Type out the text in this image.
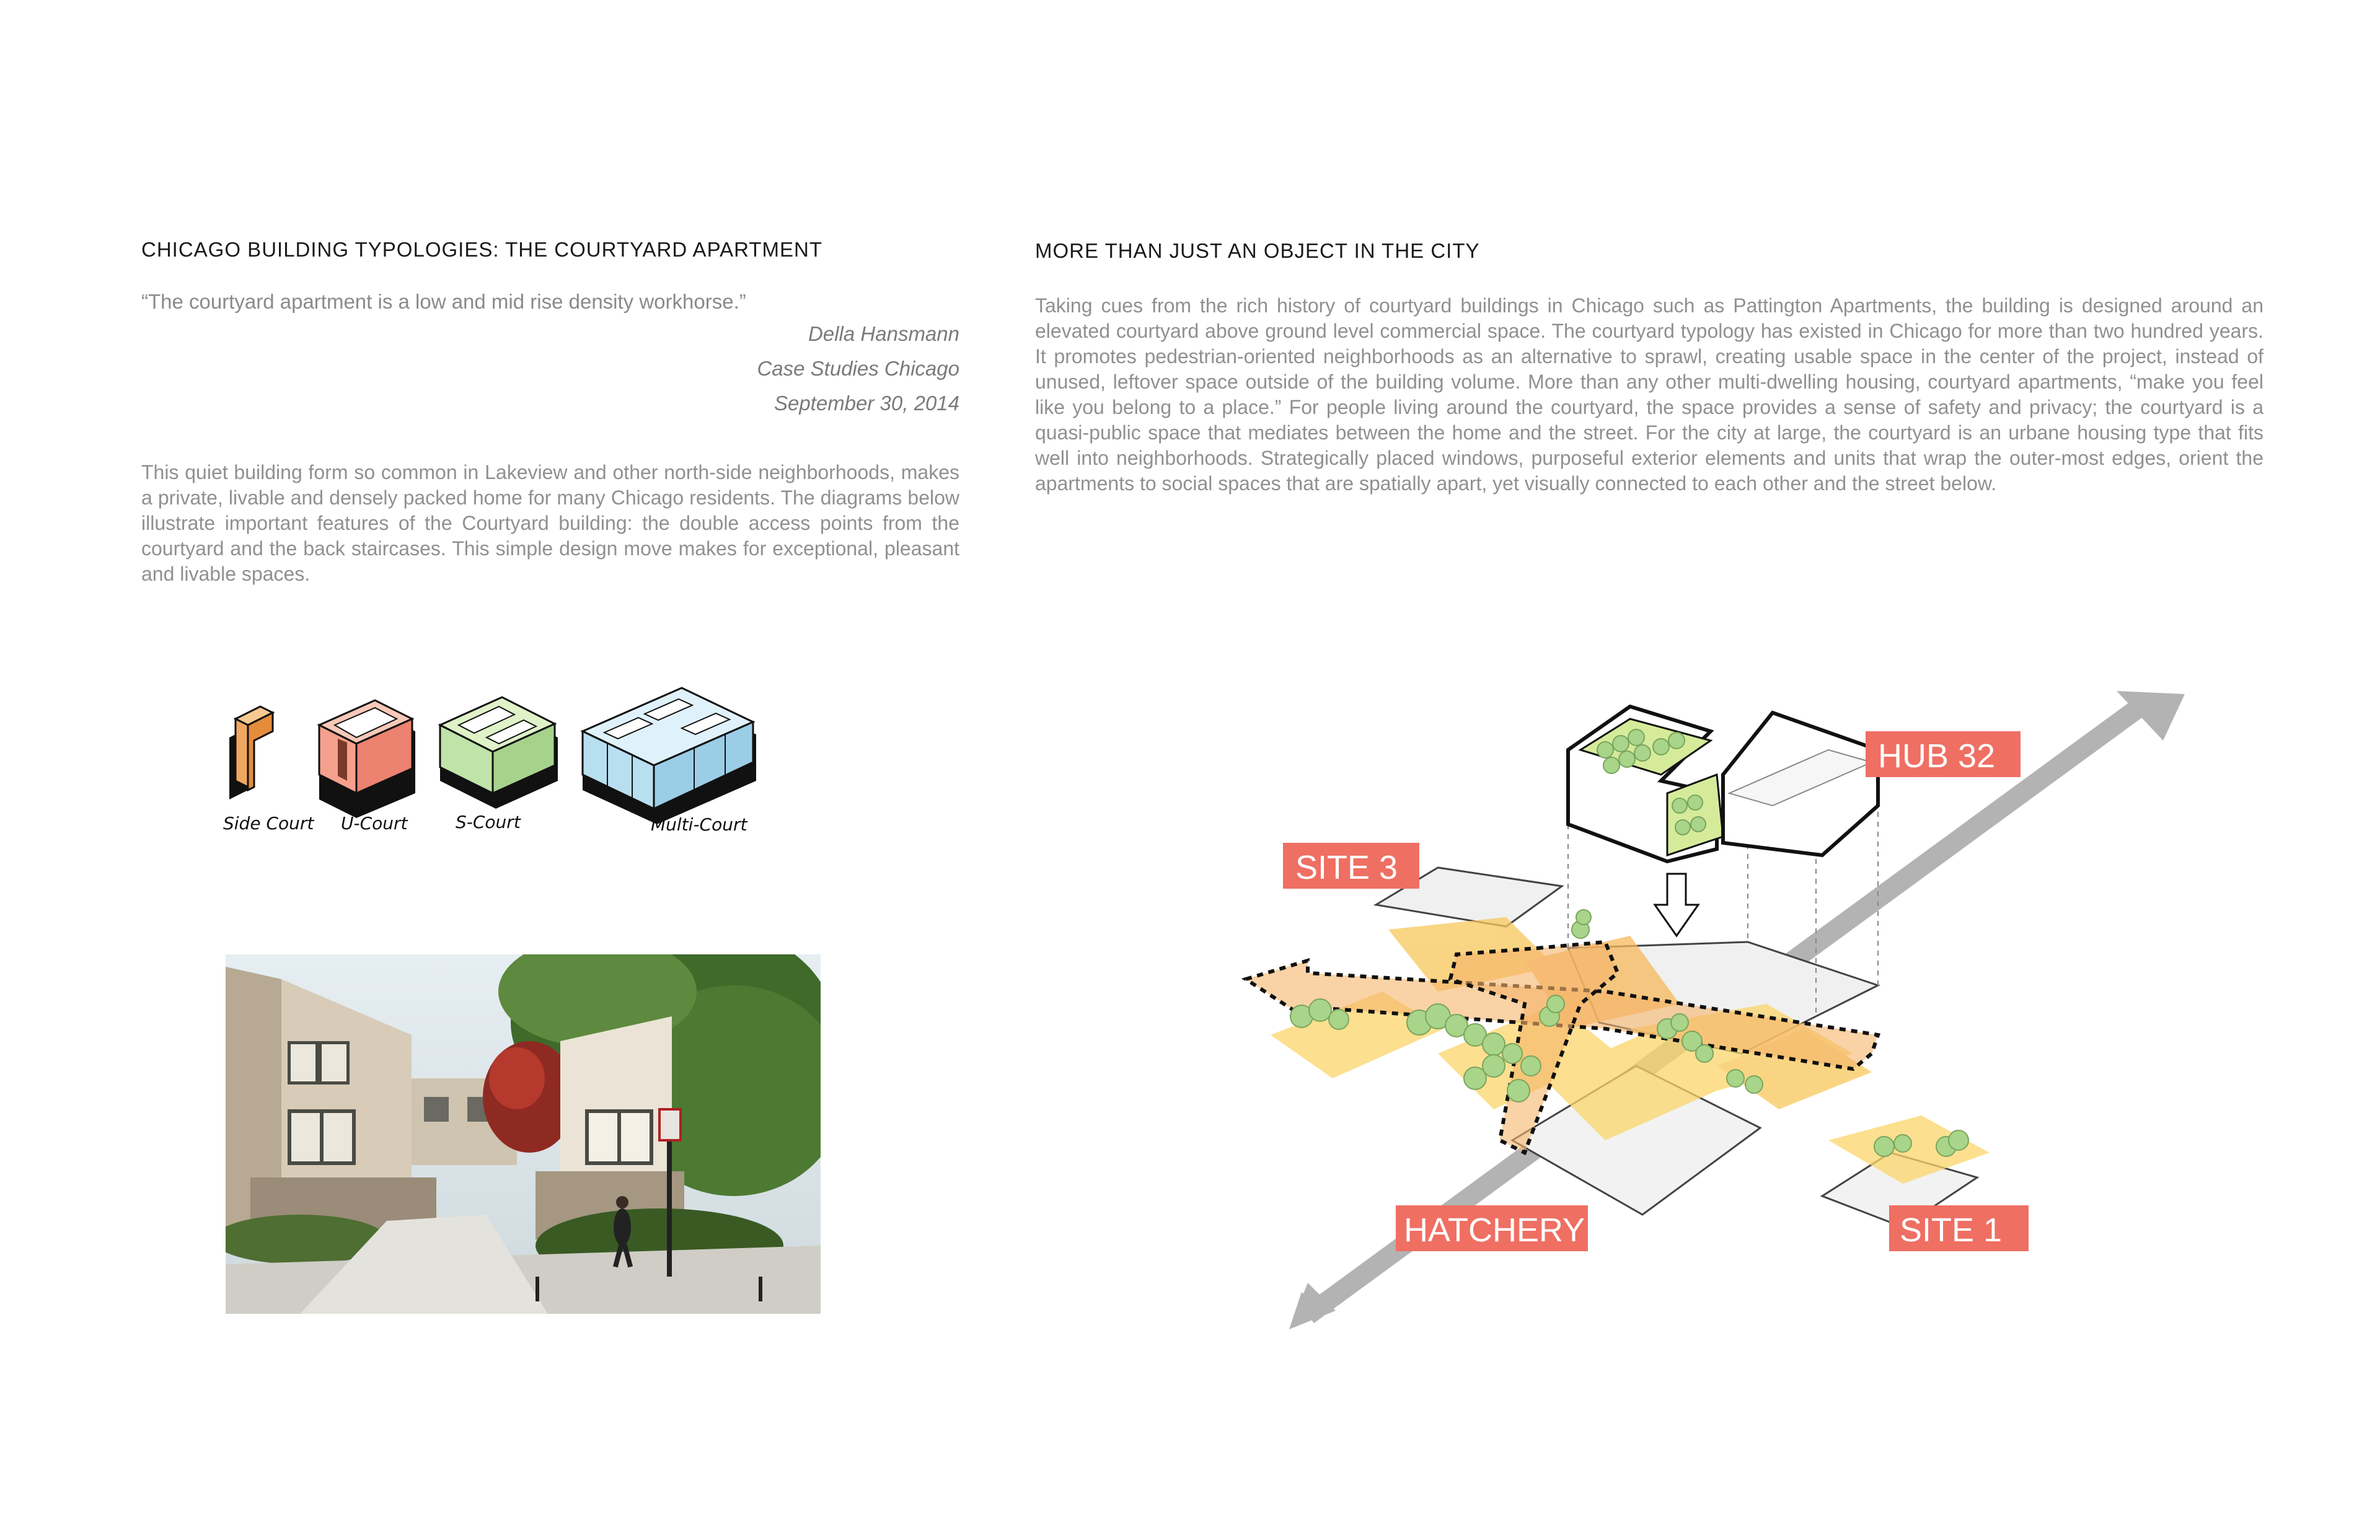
CHICAGO BUILDING TYPOLOGIES: THE COURTYARD APARTMENT
“The courtyard apartment is a low and mid rise density workhorse.”
Della Hansmann
Case Studies Chicago
September 30, 2014
This quiet building form so common in Lakeview and other north-side neighborhoods, makes a private, livable and densely packed home for many Chicago residents. The diagrams below illustrate important features of the Courtyard building: the double access points from the courtyard and the back staircases. This simple design move makes for exceptional, pleasant and livable spaces.
Side Court U-Court	S-Court	Multi-Court
MORE THAN JUST AN OBJECT IN THE CITY
Taking cues from the rich history of courtyard buildings in Chicago such as Pattington Apartments, the building is designed around an elevated courtyard above ground level commercial space. The courtyard typology has existed in Chicago for more than two hundred years. It promotes pedestrian-oriented neighborhoods as an alternative to sprawl, creating usable space in the center of the project, instead of unused, leftover space outside of the building volume. More than any other multi-dwelling housing, courtyard apartments, “make you feel like you belong to a place.” For people living around the courtyard, the space provides a sense of safety and privacy; the courtyard is a quasi-public space that mediates between the home and the street. For the city at large, the courtyard is an urbane housing type that fits well into neighborhoods. Strategically placed windows, purposeful exterior elements and units that wrap the outer-most edges, orient the apartments to social spaces that are spatially apart, yet visually connected to each other and the street below.
TRANSIT
HUB 32
SITE 3
HATCHERY	SITE 1
